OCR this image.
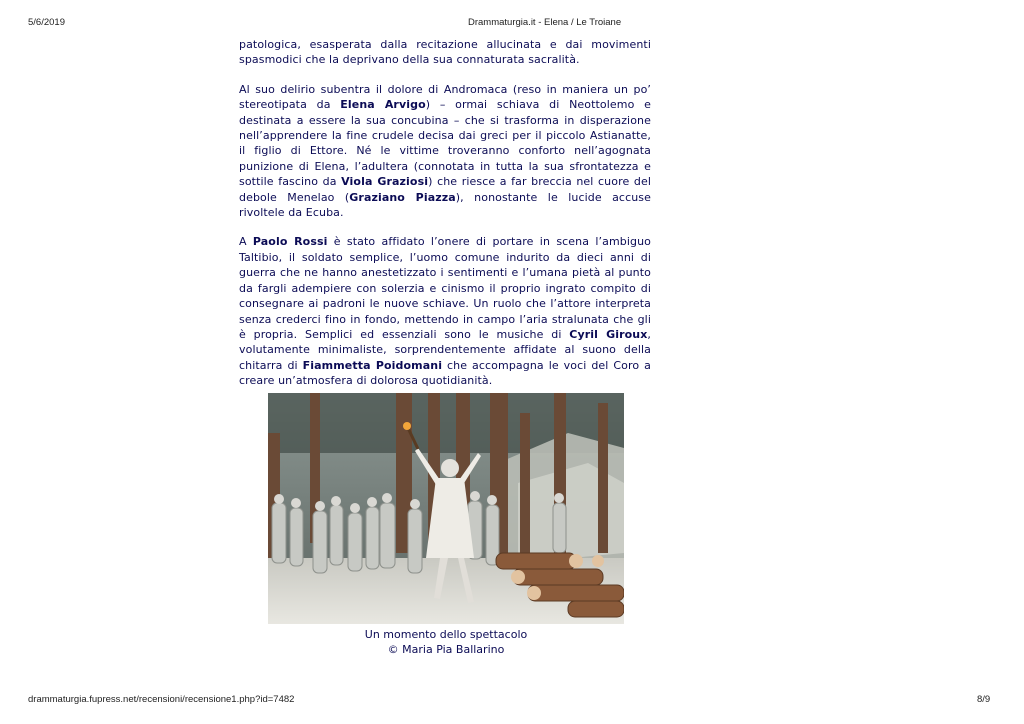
5/6/2019	Drammaturgia.it - Elena / Le Troiane

patologica, esasperata dalla recitazione allucinata e dai movimenti spasmodici che la deprivano della sua connaturata sacralità.

Al suo delirio subentra il dolore di Andromaca (reso in maniera un po’ stereotipata da Elena Arvigo) – ormai schiava di Neottolemo e destinata a essere la sua concubina – che si trasforma in disperazione nell’apprendere la fine crudele decisa dai greci per il piccolo Astianatte, il figlio di Ettore. Né le vittime troveranno conforto nell’agognata punizione di Elena, l’adultera (connotata in tutta la sua sfrontatezza e sottile fascino da Viola Graziosi) che riesce a far breccia nel cuore del debole Menelao (Graziano Piazza), nonostante le lucide accuse rivoltele da Ecuba.

A Paolo Rossi è stato affidato l’onere di portare in scena l’ambiguo Taltibio, il soldato semplice, l’uomo comune indurito da dieci anni di guerra che ne hanno anestetizzato i sentimenti e l’umana pietà al punto da fargli adempiere con solerzia e cinismo il proprio ingrato compito di consegnare ai padroni le nuove schiave. Un ruolo che l’attore interpreta senza crederci fino in fondo, mettendo in campo l’aria stralunata che gli è propria. Semplici ed essenziali sono le musiche di Cyril Giroux, volutamente minimaliste, sorprendentemente affidate al suono della chitarra di Fiammetta Poidomani che accompagna le voci del Coro a creare un’atmosfera di dolorosa quotidianità.

Un momento dello spettacolo
© Maria Pia Ballarino
drammaturgia.fupress.net/recensioni/recensione1.php?id=7482	8/9
